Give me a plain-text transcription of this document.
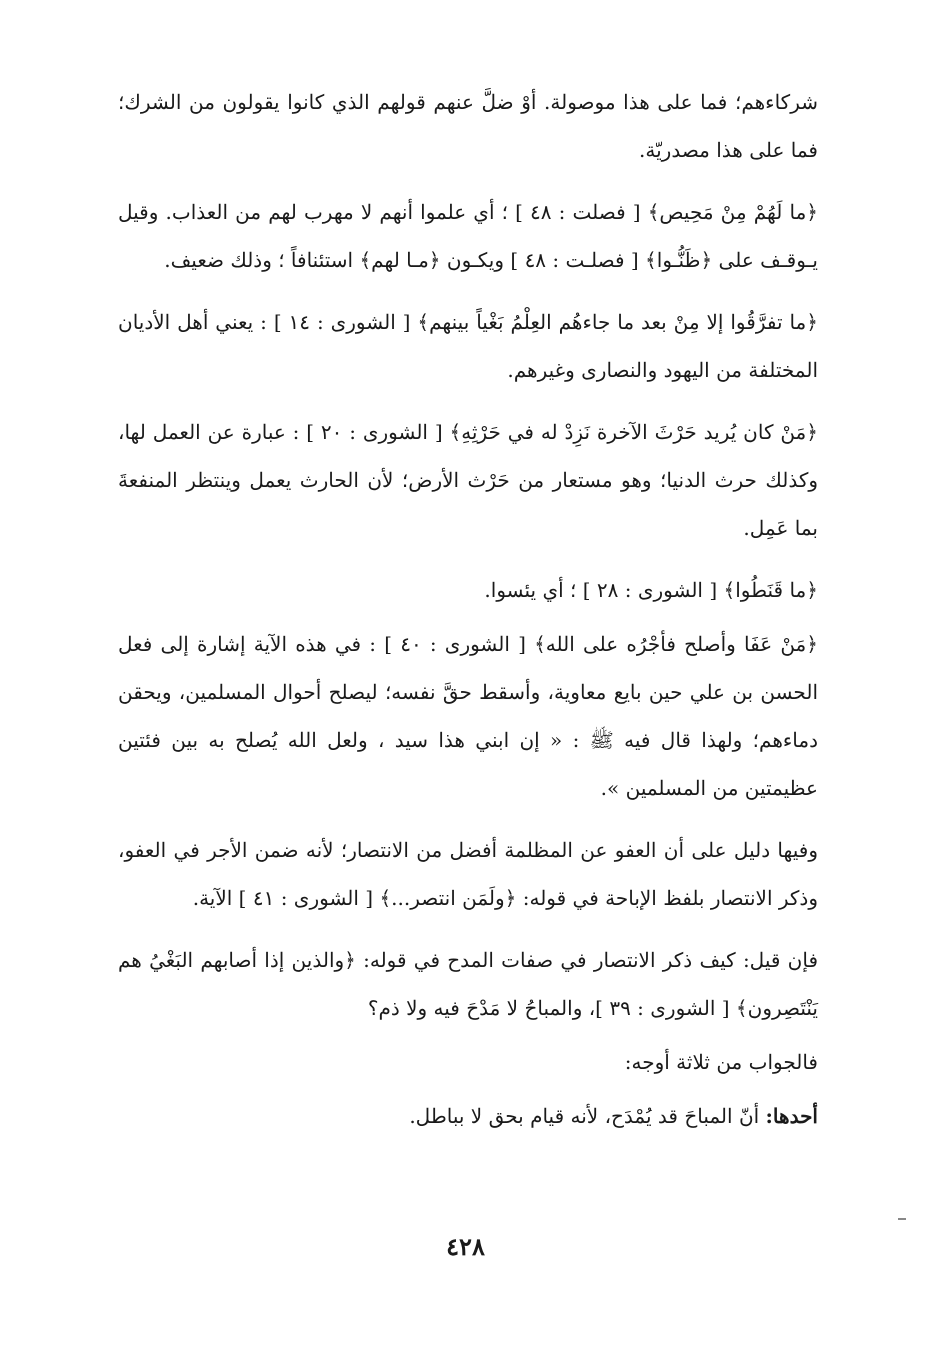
شركاءهم؛ فما على هذا موصولة. أوْ ضلَّ عنهم قولهم الذي كانوا يقولون من الشرك؛ فما على هذا مصدريّة.

﴿ما لَهُمْ مِنْ مَحِيص﴾ [ فصلت : ٤٨ ] ؛ أي علموا أنهم لا مهرب لهم من العذاب. وقيل يـوقـف على ﴿ظَنُّـوا﴾ [ فصلـت : ٤٨ ] ويكـون ﴿مـا لهم﴾ استئنافاً ؛ وذلك ضعيف.

﴿ما تفرَّقُوا إلا مِنْ بعد ما جاءهُم العِلْمُ بَغْياً بينهم﴾ [ الشورى : ١٤ ] : يعني أهل الأديان المختلفة من اليهود والنصارى وغيرهم.

﴿مَنْ كان يُريد حَرْثَ الآخرة نَزِدْ له في حَرْثِهِ﴾ [ الشورى : ٢٠ ] : عبارة عن العمل لها، وكذلك حرث الدنيا؛ وهو مستعار من حَرْث الأرض؛ لأن الحارث يعمل وينتظر المنفعةَ بما عَمِل.

﴿ما قَنَطُوا﴾ [ الشورى : ٢٨ ] ؛ أي يئسوا.

﴿مَنْ عَفَا وأصلح فأجْرُه على الله﴾ [ الشورى : ٤٠ ] : في هذه الآية إشارة إلى فعل الحسن بن علي حين بايع معاوية، وأسقط حقَّ نفسه؛ ليصلح أحوال المسلمين، ويحقن دماءهم؛ ولهذا قال فيه ﷺ : « إن ابني هذا سيد ، ولعل الله يُصلح به بين فئتين عظيمتين من المسلمين ».

وفيها دليل على أن العفو عن المظلمة أفضل من الانتصار؛ لأنه ضمن الأجر في العفو، وذكر الانتصار بلفظ الإباحة في قوله: ﴿ولَمَن انتصر...﴾ [ الشورى : ٤١ ] الآية.

فإن قيل: كيف ذكر الانتصار في صفات المدح في قوله: ﴿والذين إذا أصابهم البَغْيُ هم يَنْتَصِرون﴾ [ الشورى : ٣٩ ]، والمباحُ لا مَدْحَ فيه ولا ذم؟

فالجواب من ثلاثة أوجه:

أحدها: أنّ المباحَ قد يُمْدَح، لأنه قيام بحق لا بباطل.

٤٢٨
